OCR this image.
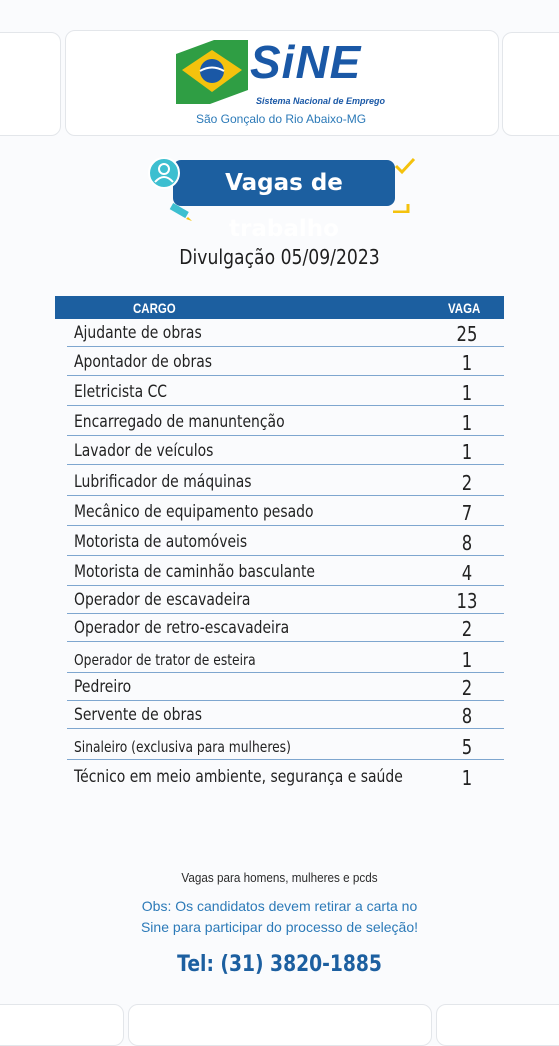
SiNE
Sistema Nacional de Emprego
São Gonçalo do Rio Abaixo-MG
Vagas de trabalho
Divulgação 05/09/2023
CARGO	VAGA
Ajudante de obras	25
Apontador de obras	1
Eletricista CC	1
Encarregado de manuntenção	1
Lavador de veículos	1
Lubrificador de máquinas	2
Mecânico de equipamento pesado	7
Motorista de automóveis	8
Motorista de caminhão basculante	4
Operador de escavadeira	13
Operador de retro-escavadeira	2
Operador de trator de esteira	1
Pedreiro	2
Servente de obras	8
Sinaleiro (exclusiva para mulheres)	5
Técnico em meio ambiente, segurança e saúde	1
Vagas para homens, mulheres e pcds
Obs: Os candidatos devem retirar a carta no
Sine para participar do processo de seleção!
Tel: (31) 3820-1885
